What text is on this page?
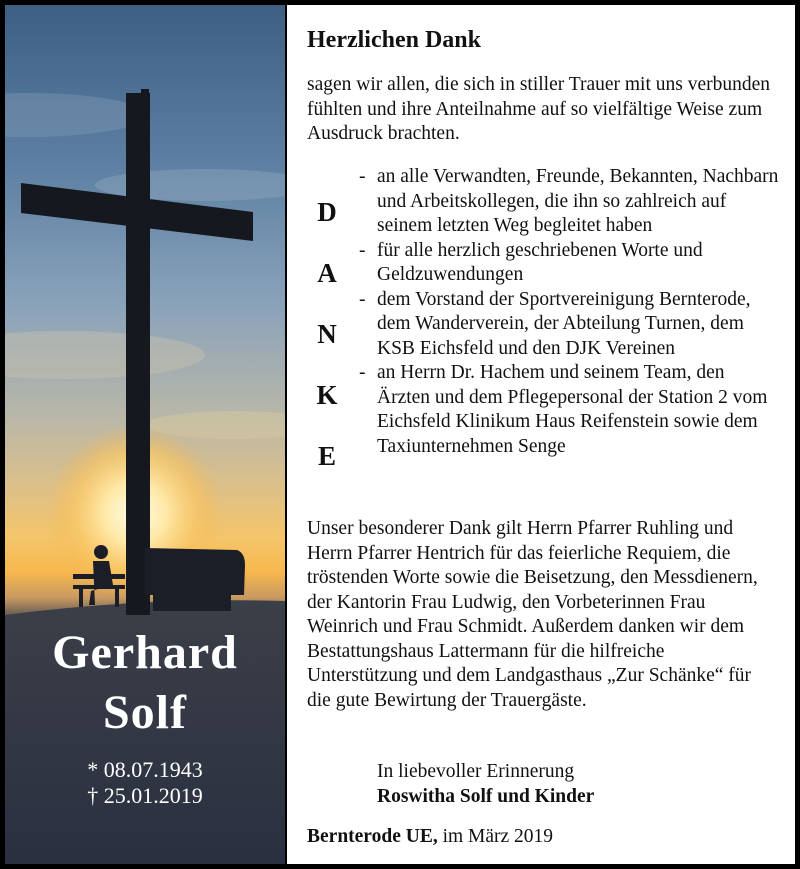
Gerhard
Solf
* 08.07.1943
† 25.01.2019
Herzlichen Dank

sagen wir allen, die sich in stiller Trauer mit uns verbunden fühlten und ihre Anteilnahme auf so vielfältige Weise zum Ausdruck brachten.

D
A
N
K
E
- an alle Verwandten, Freunde, Bekannten, Nachbarn und Arbeitskollegen, die ihn so zahlreich auf seinem letzten Weg begleitet haben
- für alle herzlich geschriebenen Worte und Geldzuwendungen
- dem Vorstand der Sportvereinigung Bernterode, dem Wanderverein, der Abteilung Turnen, dem KSB Eichsfeld und den DJK Vereinen
- an Herrn Dr. Hachem und seinem Team, den Ärzten und dem Pflegepersonal der Station 2 vom Eichsfeld Klinikum Haus Reifenstein sowie dem Taxiunternehmen Senge

Unser besonderer Dank gilt Herrn Pfarrer Ruhling und Herrn Pfarrer Hentrich für das feierliche Requiem, die tröstenden Worte sowie die Beisetzung, den Messdienern, der Kantorin Frau Ludwig, den Vorbeterinnen Frau Weinrich und Frau Schmidt. Außerdem danken wir dem Bestattungshaus Lattermann für die hilfreiche Unterstützung und dem Landgasthaus „Zur Schänke“ für die gute Bewirtung der Trauergäste.

In liebevoller Erinnerung
Roswitha Solf und Kinder
Bernterode UE, im März 2019
